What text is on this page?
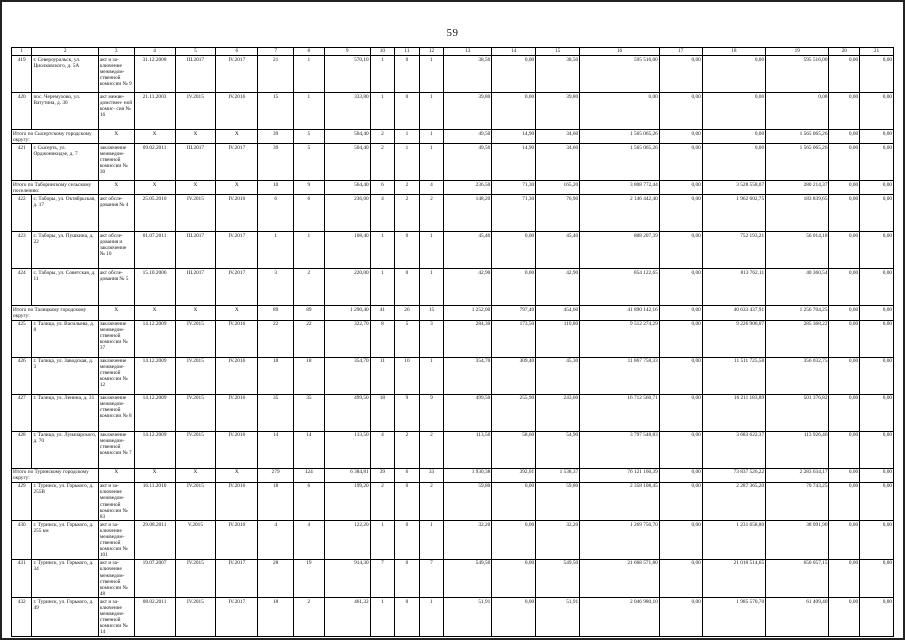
59
1	2	3	4	5	6	7	8	9	10	11	12	13	14	15	16	17	18	19	20	21
419	г. Североуральск, ул. Циолковского, д. 5А	акт и за- ключение межведом- ственной комиссии № 9	31.12.2008	III.2017	IV.2017	21	1	570,10	1	0	1	38,50	0,00	38,50	595 516,00	0,00	0,00	595 516,00	0,00	0,00
420	пос. Черемухово, ул. Ватутина, д. 30	акт межве- домствен- ной комис- сии № 16	21.11.2003	IV.2015	IV.2016	15	1	333,80	1	0	1	39,80	0,00	39,80	0,00	0,00	0,00	0,00	0,00	0,00
Итого по Сысертскому городскому округу:		X	X	X	X	39	5	504,40	2	1	1	49,50	14,90	34,60	1 565 065,26	0,00	0,00	1 565 065,26	0,00	0,00
421	г. Сысерть, ул. Орджоникидзе, д. 7	заключение межведом- ственной комиссии № 30	09.02.2011	III.2017	IV.2017	39	5	504,40	2	1	1	49,50	14,90	34,60	1 565 065,26	0,00	0,00	1 565 065,26	0,00	0,00
Итого по Таборинскому сельскому поселению:		X	X	X	X	10	9	564,40	6	2	4	236,50	71,30	165,20	3 808 772,44	0,00	3 528 558,07	280 214,37	0,00	0,00
422	с. Таборы, ул. Октябрьская, д. 17	акт обсле- дования № 4	25.05.2010	IV.2015	IV.2016	6	6	236,00	4	2	2	148,20	71,30	76,90	2 146 442,40	0,00	1 962 602,75	183 839,65	0,00	0,00
423	с. Таборы, ул. Пушкина, д. 22	акт обсле- дования и заключение № 10	01.07.2011	III.2017	IV.2017	1	1	108,40	1	0	1	45,40	0,00	45,40	808 207,39	0,00	752 193,21	56 014,18	0,00	0,00
424	с. Таборы, ул. Советская, д. 11	акт обсле- дования № 5	15.10.2006	III.2017	IV.2017	3	2	220,00	1	0	1	42,90	0,00	42,90	854 122,65	0,00	813 762,11	40 360,54	0,00	0,00
Итого по Талицкому городскому округу:		X	X	X	X	89	89	1 290,40	41	26	15	1 252,00	797,40	454,60	41 890 142,16	0,00	40 633 437,91	1 256 704,25	0,00	0,00
425	г. Талица, ул. Васильева, д. 8	заключение межведом- ственной комиссии № 37	14.12.2009	IV.2015	IV.2016	22	22	322,70	8	5	3	284,30	173,50	110,80	9 512 274,29	0,00	9 226 906,07	285 368,22	0,00	0,00
426	г. Талица, ул. Заводская, д. 3	заключение межведом- ственной комиссии № 12	14.12.2009	IV.2015	IV.2016	18	18	354,70	11	10	1	354,70	309,40	45,30	11 867 758,33	0,00	11 511 725,58	356 032,75	0,00	0,00
427	г. Талица, ул. Ленина, д. 31	заключение межведом- ственной комиссии № 8	14.12.2009	IV.2015	IV.2016	35	35	499,50	18	9	9	499,50	255,90	243,60	16 712 560,71	0,00	16 211 183,89	501 376,82	0,00	0,00
428	г. Талица, ул. Луначарского, д. 70	заключение межведом- ственной комиссии № 7	14.12.2009	IV.2015	IV.2016	14	14	113,50	4	2	2	113,50	58,60	54,90	3 797 548,83	0,00	3 683 622,37	113 926,46	0,00	0,00
Итого по Туринскому городскому округу:		X	X	X	X	279	124	6 384,81	39	6	33	1 930,38	392,01	1 538,37	76 121 160,39	0,00	73 837 526,22	2 283 634,17	0,00	0,00
429	г. Туринск, ул. Горького, д. 255В	акт и за- ключение межведом- ственной комиссии № 83	16.11.2010	IV.2015	IV.2016	18	6	199,20	2	0	2	59,80	0,00	59,80	2 358 108,45	0,00	2 287 365,20	70 743,25	0,00	0,00
430	г. Туринск, ул. Горького, д. 255 км	акт и за- ключение межведом- ственной комиссии № 101	29.08.2011	V.2015	IV.2016	4	4	122,20	1	0	1	32,20	0,00	32,20	1 269 750,70	0,00	1 231 658,80	38 091,90	0,00	0,00
431	г. Туринск, ул. Горького, д. 34	акт и за- ключение межведом- ственной комиссии № 48	19.07.2007	IV.2015	IV.2017	28	19	914,30	7	0	7	549,50	0,00	549,50	21 668 571,80	0,00	21 018 514,65	650 057,15	0,00	0,00
432	г. Туринск, ул. Горького, д. 49	акт и за- ключение межведом- ственной комиссии № 14	08.02.2011	IV.2015	IV.2017	18	2	461,32	1	0	1	51,91	0,00	51,91	2 046 980,10	0,00	1 985 570,70	61 409,40	0,00	0,00
